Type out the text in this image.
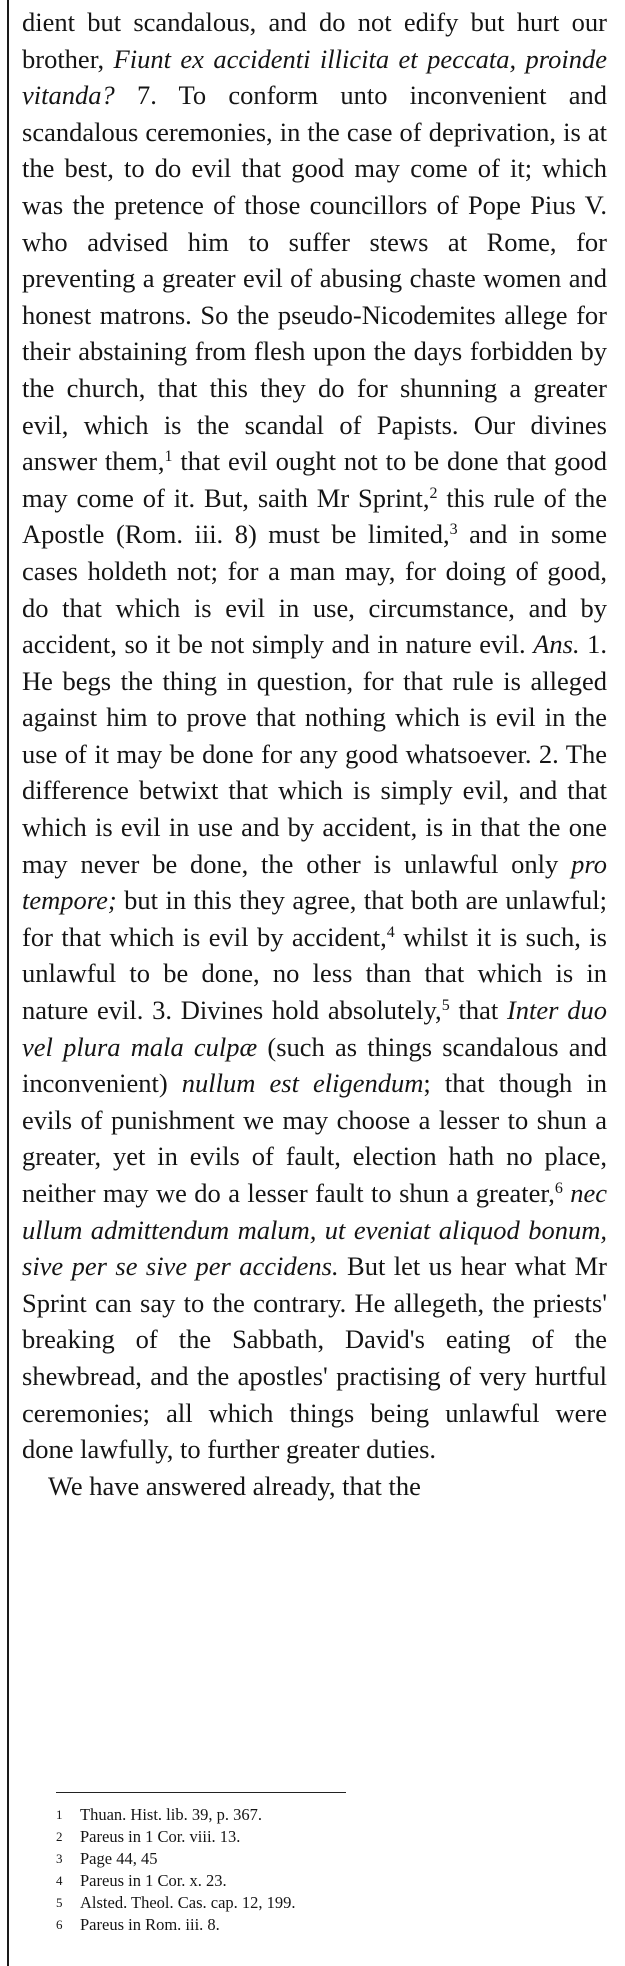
dient but scandalous, and do not edify but hurt our brother, Fiunt ex accidenti illicita et peccata, proinde vitanda? 7. To conform unto inconvenient and scandalous ceremonies, in the case of deprivation, is at the best, to do evil that good may come of it; which was the pretence of those councillors of Pope Pius V. who advised him to suffer stews at Rome, for preventing a greater evil of abusing chaste women and honest matrons. So the pseudo-Nicodemites allege for their abstaining from flesh upon the days forbidden by the church, that this they do for shunning a greater evil, which is the scandal of Papists. Our divines answer them,$^1$ that evil ought not to be done that good may come of it. But, saith Mr Sprint,$^2$ this rule of the Apostle (Rom. iii. 8) must be limited,$^3$ and in some cases holdeth not; for a man may, for doing of good, do that which is evil in use, circumstance, and by accident, so it be not simply and in nature evil. Ans. 1. He begs the thing in question, for that rule is alleged against him to prove that nothing which is evil in the use of it may be done for any good whatsoever. 2. The difference betwixt that which is simply evil, and that which is evil in use and by accident, is in that the one may never be done, the other is unlawful only pro tempore; but in this they agree, that both are unlawful; for that which is evil by accident,$^4$ whilst it is such, is unlawful to be done, no less than that which is in nature evil. 3. Divines hold absolutely,$^5$ that Inter duo vel plura mala culpæ (such as things scandalous and inconvenient) nullum est eligendum; that though in evils of punishment we may choose a lesser to shun a greater, yet in evils of fault, election hath no place, neither may we do a lesser fault to shun a greater,$^6$ nec ullum admittendum malum, ut eveniat aliquod bonum, sive per se sive per accidens. But let us hear what Mr Sprint can say to the contrary. He allegeth, the priests' breaking of the Sabbath, David's eating of the shewbread, and the apostles' practising of very hurtful ceremonies; all which things being unlawful were done lawfully, to further greater duties.

We have answered already, that the

1	Thuan. Hist. lib. 39, p. 367.
2	Pareus in 1 Cor. viii. 13.
3	Page 44, 45
4	Pareus in 1 Cor. x. 23.
5	Alsted. Theol. Cas. cap. 12, 199.
6	Pareus in Rom. iii. 8.
